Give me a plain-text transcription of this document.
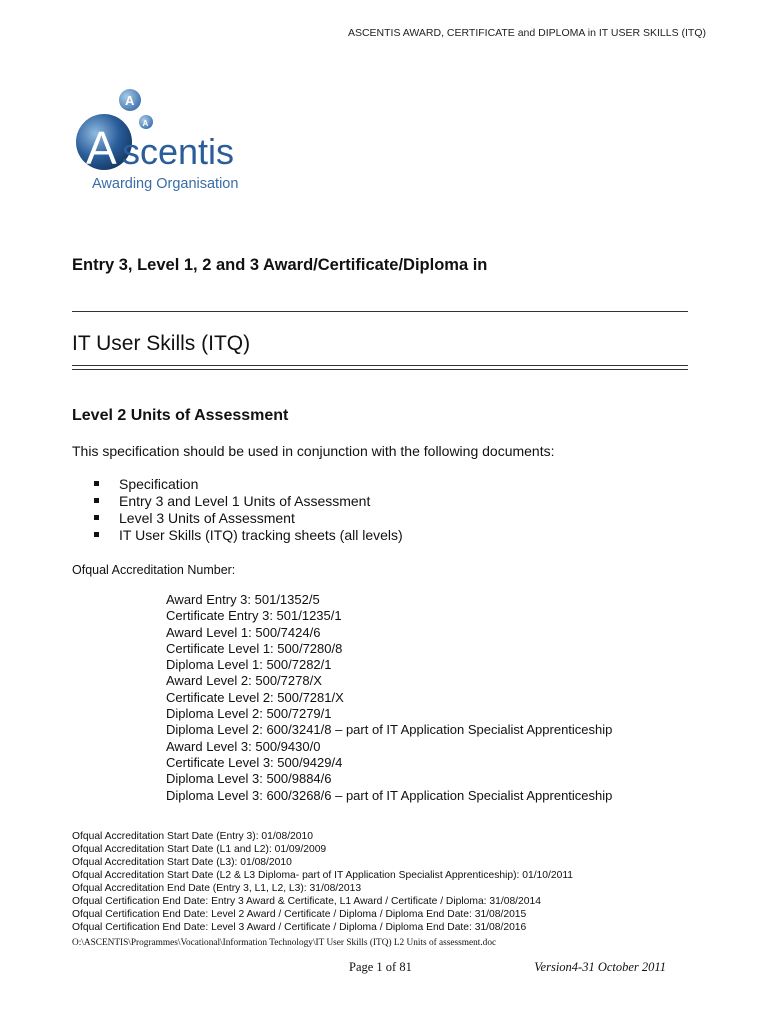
ASCENTIS AWARD, CERTIFICATE and DIPLOMA in IT USER SKILLS (ITQ)
A
A
A scentis
Awarding Organisation
Entry 3, Level 1, 2 and 3 Award/Certificate/Diploma in
IT User Skills (ITQ)
Level 2 Units of Assessment
This specification should be used in conjunction with the following documents:
Specification
Entry 3 and Level 1 Units of Assessment
Level 3 Units of Assessment
IT User Skills (ITQ) tracking sheets (all levels)
Ofqual Accreditation Number:
Award Entry 3: 501/1352/5
Certificate Entry 3: 501/1235/1
Award Level 1: 500/7424/6
Certificate Level 1: 500/7280/8
Diploma Level 1: 500/7282/1
Award Level 2: 500/7278/X
Certificate Level 2: 500/7281/X
Diploma Level 2: 500/7279/1
Diploma Level 2: 600/3241/8 – part of IT Application Specialist Apprenticeship
Award Level 3: 500/9430/0
Certificate Level 3: 500/9429/4
Diploma Level 3: 500/9884/6
Diploma Level 3: 600/3268/6 – part of IT Application Specialist Apprenticeship
Ofqual Accreditation Start Date (Entry 3): 01/08/2010
Ofqual Accreditation Start Date (L1 and L2): 01/09/2009
Ofqual Accreditation Start Date (L3): 01/08/2010
Ofqual Accreditation Start Date (L2 & L3 Diploma- part of IT Application Specialist Apprenticeship): 01/10/2011
Ofqual Accreditation End Date (Entry 3, L1, L2, L3): 31/08/2013
Ofqual Certification End Date: Entry 3 Award & Certificate, L1 Award / Certificate / Diploma: 31/08/2014
Ofqual Certification End Date: Level 2 Award / Certificate / Diploma / Diploma End Date: 31/08/2015
Ofqual Certification End Date: Level 3 Award / Certificate / Diploma / Diploma End Date: 31/08/2016
O:\ASCENTIS\Programmes\Vocational\Information Technology\IT User Skills (ITQ) L2 Units of assessment.doc
Page 1 of 81	Version4-31 October 2011
